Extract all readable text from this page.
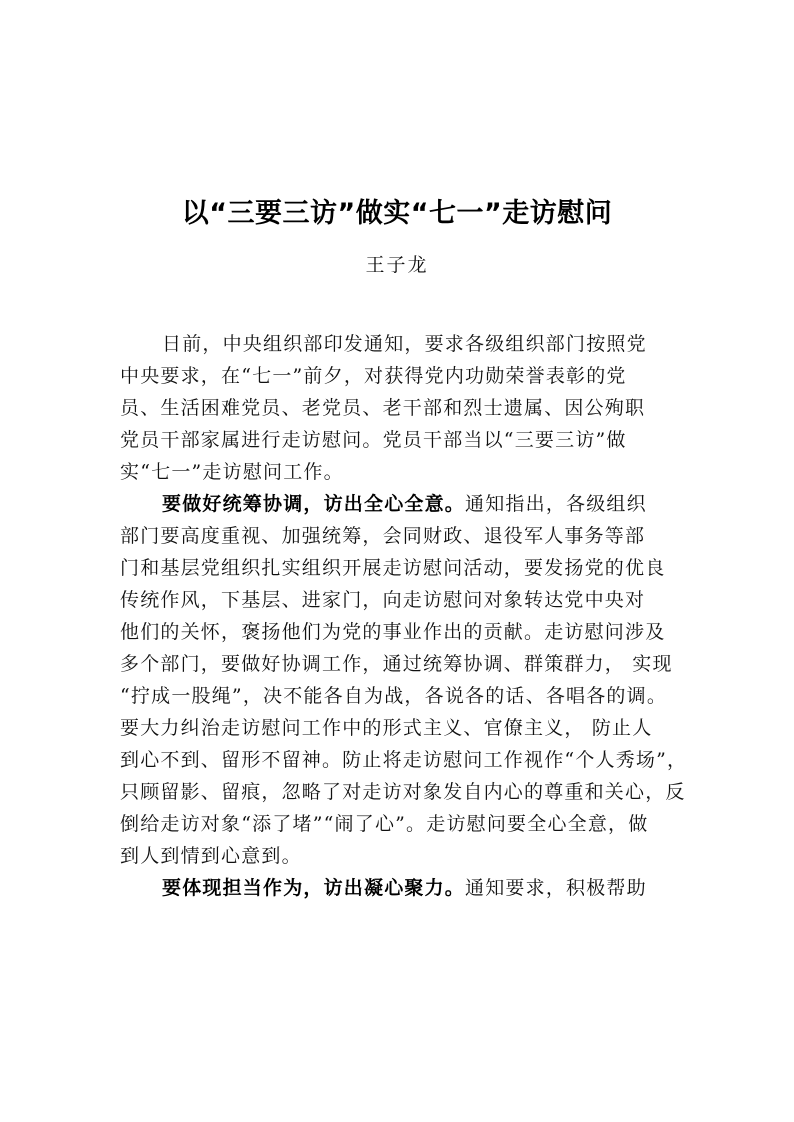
以“三要三访”做实“七一”走访慰问
王子龙
日前，中央组织部印发通知，要求各级组织部门按照党
中央要求，在“七一”前夕，对获得党内功勋荣誉表彰的党
员、生活困难党员、老党员、老干部和烈士遗属、因公殉职
党员干部家属进行走访慰问。党员干部当以“三要三访”做
实“七一”走访慰问工作。
要做好统筹协调，访出全心全意。通知指出，各级组织
部门要高度重视、加强统筹，会同财政、退役军人事务等部
门和基层党组织扎实组织开展走访慰问活动，要发扬党的优良
传统作风，下基层、进家门，向走访慰问对象转达党中央对
他们的关怀，褒扬他们为党的事业作出的贡献。走访慰问涉及
多个部门，要做好协调工作，通过统筹协调、群策群力， 实现
“拧成一股绳”，决不能各自为战，各说各的话、各唱各的调。
要大力纠治走访慰问工作中的形式主义、官僚主义， 防止人
到心不到、留形不留神。防止将走访慰问工作视作“个人秀场”，
只顾留影、留痕，忽略了对走访对象发自内心的尊重和关心，反
倒给走访对象“添了堵”“闹了心”。走访慰问要全心全意，做
到人到情到心意到。
要体现担当作为，访出凝心聚力。通知要求，积极帮助
